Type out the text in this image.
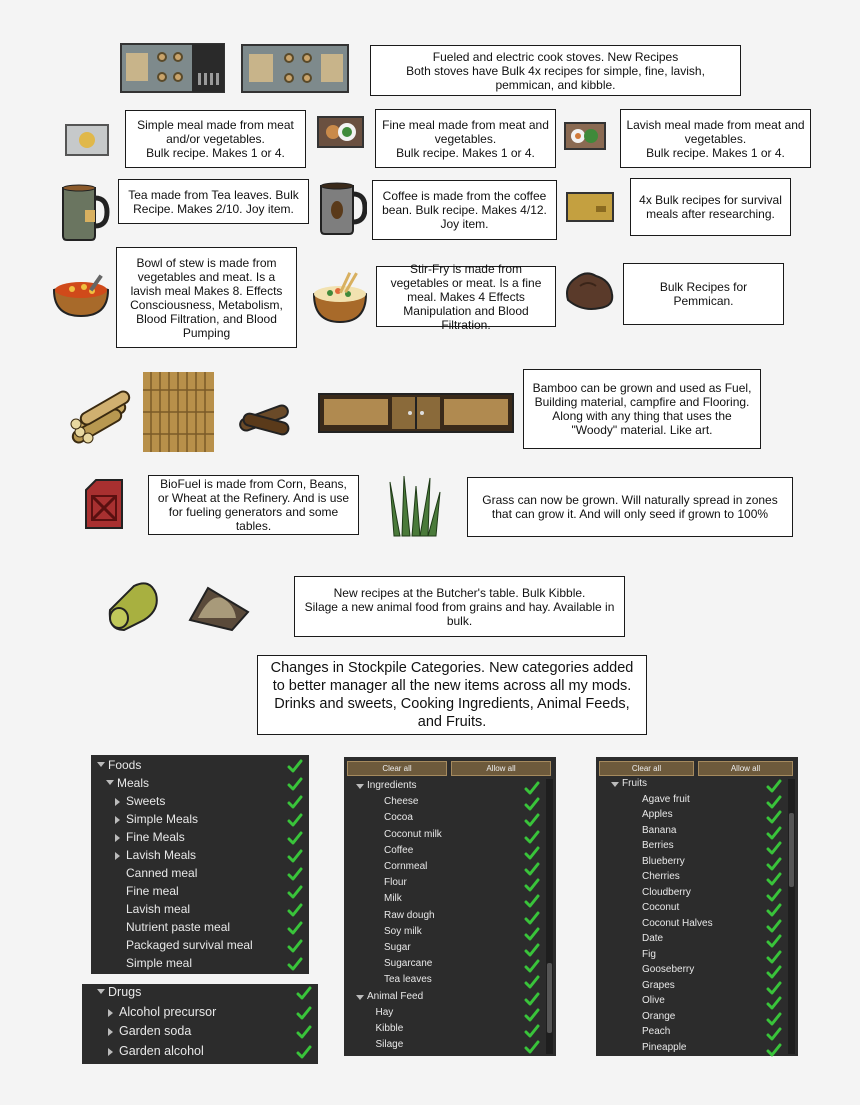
Fueled and electric cook stoves. New Recipes
Both stoves have Bulk 4x recipes for simple, fine, lavish, pemmican, and kibble.
Simple meal made from meat and/or vegetables.
Bulk recipe. Makes 1 or 4.
Fine meal made from meat and vegetables.
Bulk recipe. Makes 1 or 4.
Lavish meal made from meat and vegetables.
Bulk recipe. Makes 1 or 4.
Tea made from Tea leaves. Bulk Recipe. Makes 2/10. Joy item.
Coffee is made from the coffee bean. Bulk recipe. Makes 4/12. Joy item.
4x Bulk recipes for survival meals after researching.
Bowl of stew is made from vegetables and meat. Is a lavish meal Makes 8. Effects Consciousness, Metabolism, Blood Filtration, and Blood Pumping
Stir-Fry is made from vegetables or meat. Is a fine meal. Makes 4 Effects Manipulation and Blood Filtration.
Bulk Recipes for Pemmican.
Bamboo can be grown and used as Fuel, Building material, campfire and Flooring. Along with any thing that uses the "Woody" material. Like art.
BioFuel is made from Corn, Beans, or Wheat at the Refinery. And is use for fueling generators and some tables.
Grass can now be grown. Will naturally spread in zones that can grow it. And will only seed if grown to 100%
New recipes at the Butcher's table. Bulk Kibble.
Silage a new animal food from grains and hay. Available in bulk.
Changes in Stockpile Categories. New categories added to better manager all the new items across all my mods. Drinks and sweets, Cooking Ingredients, Animal Feeds, and Fruits.
Foods
Meals
Sweets
Simple Meals
Fine Meals
Lavish Meals
Canned meal
Fine meal
Lavish meal
Nutrient paste meal
Packaged survival meal
Simple meal
Drugs
Alcohol precursor
Garden soda
Garden alcohol
Clear all	Allow all
Ingredients
Cheese
Cocoa
Coconut milk
Coffee
Cornmeal
Flour
Milk
Raw dough
Soy milk
Sugar
Sugarcane
Tea leaves
Animal Feed
Hay
Kibble
Silage
Clear all	Allow all
Fruits
Agave fruit
Apples
Banana
Berries
Blueberry
Cherries
Cloudberry
Coconut
Coconut Halves
Date
Fig
Gooseberry
Grapes
Olive
Orange
Peach
Pineapple
